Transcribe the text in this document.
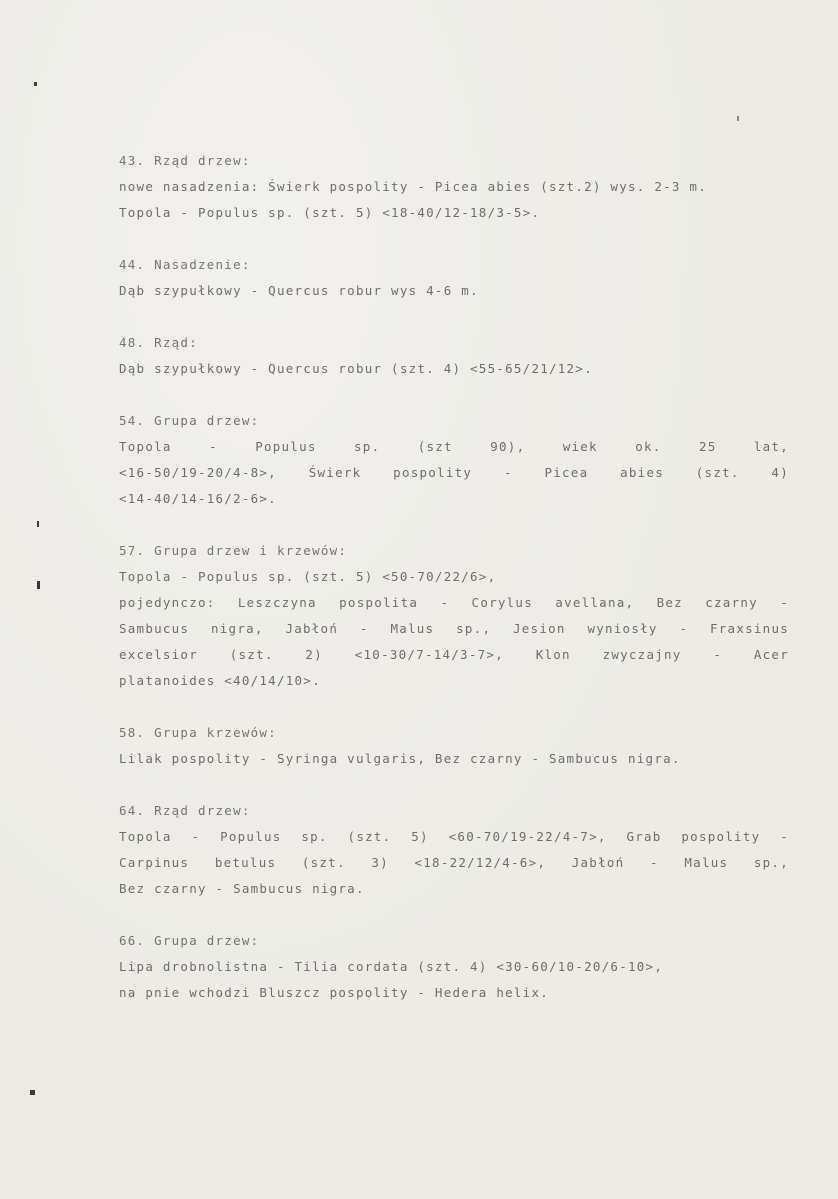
43. Rząd drzew:
nowe nasadzenia: Świerk pospolity - Picea abies (szt.2) wys. 2-3 m.
Topola - Populus sp. (szt. 5) <18-40/12-18/3-5>.
44. Nasadzenie:
Dąb szypułkowy - Quercus robur wys 4-6 m.
48. Rząd:
Dąb szypułkowy - Quercus robur (szt. 4) <55-65/21/12>.
54. Grupa drzew:
Topola - Populus sp. (szt 90), wiek ok. 25 lat,
<16-50/19-20/4-8>, Świerk pospolity - Picea abies (szt. 4)
<14-40/14-16/2-6>.
57. Grupa drzew i krzewów:
Topola - Populus sp. (szt. 5) <50-70/22/6>,
pojedynczo: Leszczyna pospolita - Corylus avellana, Bez czarny -
Sambucus nigra, Jabłoń - Malus sp., Jesion wyniosły - Fraxsinus
excelsior (szt. 2) <10-30/7-14/3-7>, Klon zwyczajny - Acer
platanoides <40/14/10>.
58. Grupa krzewów:
Lilak pospolity - Syringa vulgaris, Bez czarny - Sambucus nigra.
64. Rząd drzew:
Topola - Populus sp. (szt. 5) <60-70/19-22/4-7>, Grab pospolity -
Carpinus betulus (szt. 3) <18-22/12/4-6>, Jabłoń - Malus sp.,
Bez czarny - Sambucus nigra.
66. Grupa drzew:
Lipa drobnolistna - Tilia cordata (szt. 4) <30-60/10-20/6-10>,
na pnie wchodzi Bluszcz pospolity - Hedera helix.
